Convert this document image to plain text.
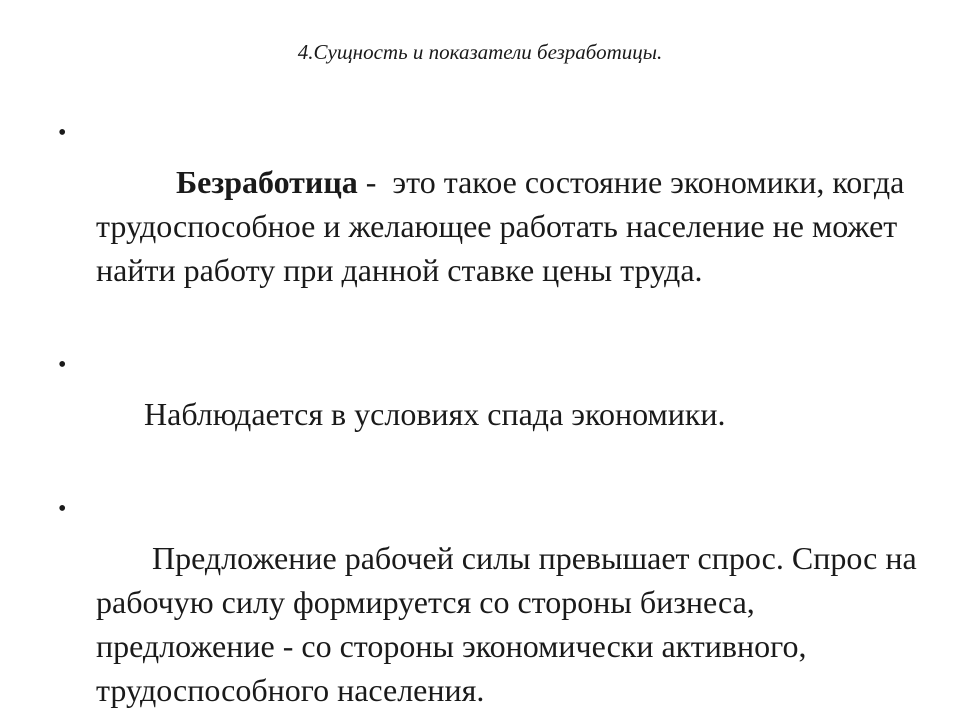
4.Сущность и показатели безработицы.

•
Безработица -  это такое состояние экономики, когда трудоспособное и желающее работать население не может найти работу при данной ставке цены труда.

•
Наблюдается в условиях спада экономики.

•
Предложение рабочей силы превышает спрос. Спрос на рабочую силу формируется со стороны бизнеса, предложение - со стороны экономически активного, трудоспособного населения.
